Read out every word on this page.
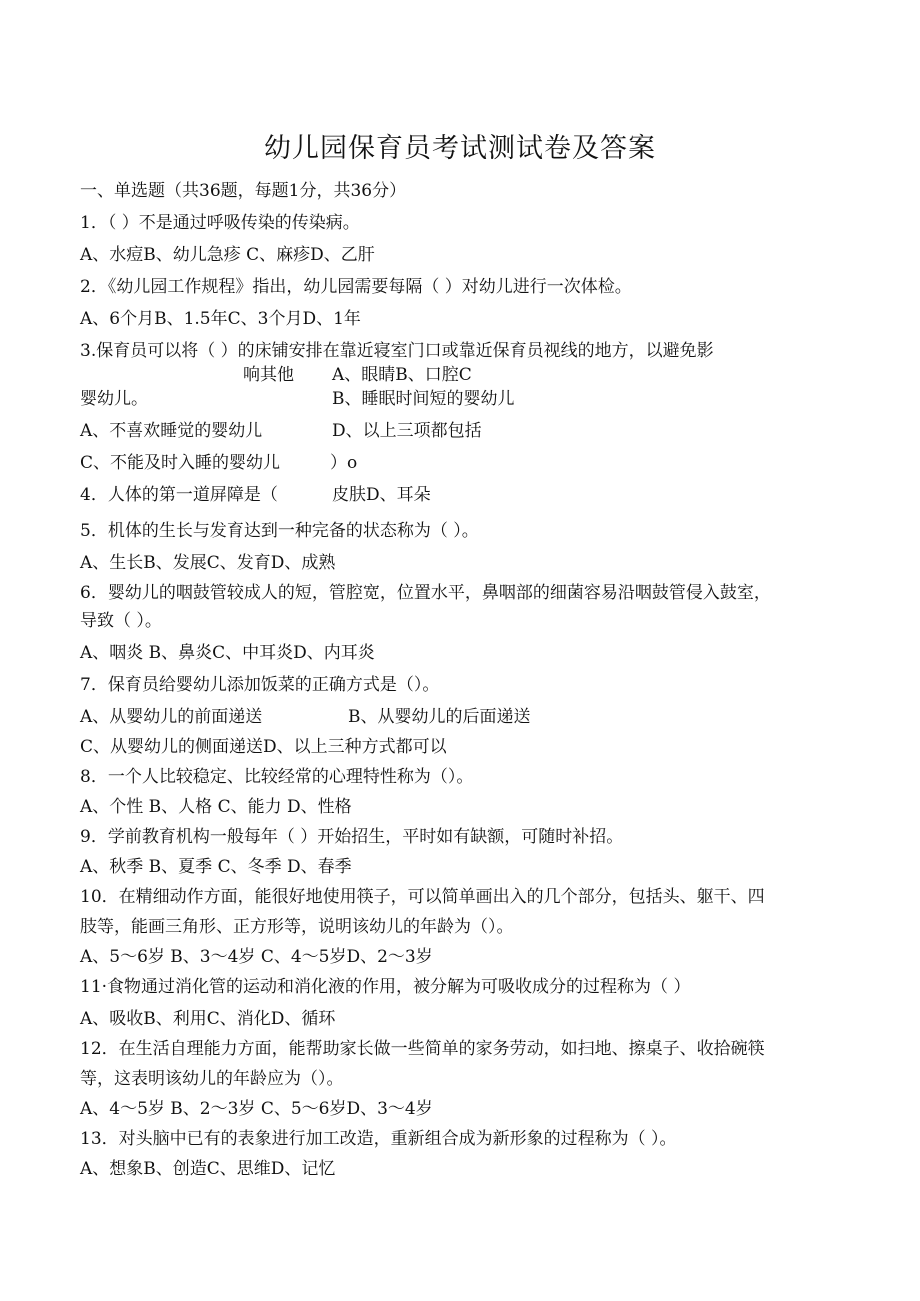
幼儿园保育员考试测试卷及答案
一、单选题（共36题，每题1分，共36分）
1．（ ）不是通过呼吸传染的传染病。
A、水痘B、幼儿急疹 C、麻疹D、乙肝
2．《幼儿园工作规程》指出，幼儿园需要每隔（ ）对幼儿进行一次体检。
A、6个月B、1.5年C、3个月D、1年
3.保育员可以将（ ）的床铺安排在靠近寝室门口或靠近保育员视线的地方，以避免影
响其他 A、眼睛B、口腔C
婴幼儿。	B、睡眠时间短的婴幼儿
A、不喜欢睡觉的婴幼儿	D、以上三项都包括
C、不能及时入睡的婴幼儿	）o
4．人体的第一道屏障是（	皮肤D、耳朵
5．机体的生长与发育达到一种完备的状态称为（ ）。
A、生长B、发展C、发育D、成熟
6．婴幼儿的咽鼓管较成人的短，管腔宽，位置水平，鼻咽部的细菌容易沿咽鼓管侵入鼓室，
导致（ ）。
A、咽炎 B、鼻炎C、中耳炎D、内耳炎
7．保育员给婴幼儿添加饭菜的正确方式是（）。
A、从婴幼儿的前面递送	B、从婴幼儿的后面递送
C、从婴幼儿的侧面递送D、以上三种方式都可以
8．一个人比较稳定、比较经常的心理特性称为（）。
A、个性 B、人格 C、能力 D、性格
9．学前教育机构一般每年（ ）开始招生，平时如有缺额，可随时补招。
A、秋季 B、夏季 C、冬季 D、春季
10．在精细动作方面，能很好地使用筷子，可以简单画出入的几个部分，包括头、躯干、四
肢等，能画三角形、正方形等，说明该幼儿的年龄为（）。
A、5～6岁 B、3～4岁 C、4～5岁D、2～3岁
11·食物通过消化管的运动和消化液的作用，被分解为可吸收成分的过程称为（ ）
A、吸收B、利用C、消化D、循环
12．在生活自理能力方面，能帮助家长做一些简单的家务劳动，如扫地、擦桌子、收拾碗筷
等，这表明该幼儿的年龄应为（）。
A、4～5岁 B、2～3岁 C、5～6岁D、3～4岁
13．对头脑中已有的表象进行加工改造，重新组合成为新形象的过程称为（ ）。
A、想象B、创造C、思维D、记忆
